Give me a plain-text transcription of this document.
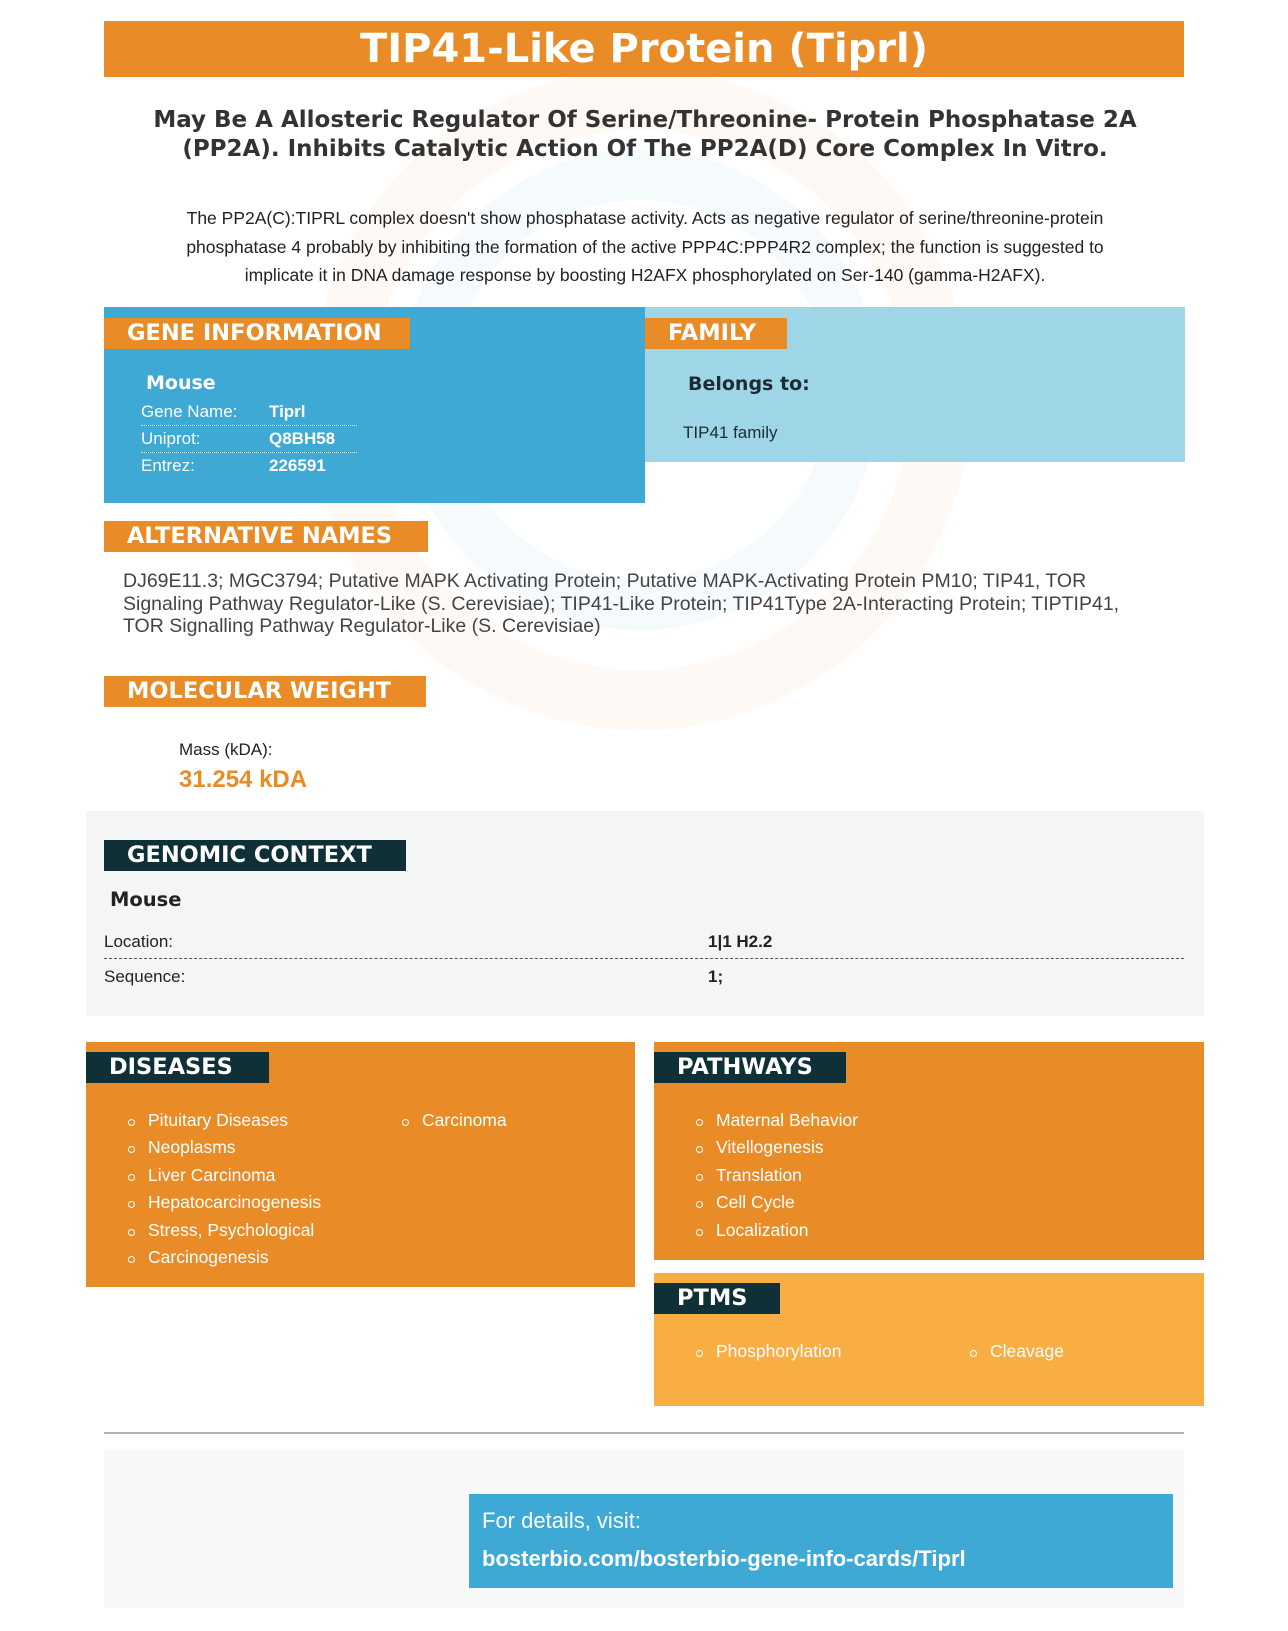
TIP41-Like Protein (Tiprl)
May Be A Allosteric Regulator Of Serine/Threonine- Protein Phosphatase 2A
(PP2A). Inhibits Catalytic Action Of The PP2A(D) Core Complex In Vitro.
The PP2A(C):TIPRL complex doesn't show phosphatase activity. Acts as negative regulator of serine/threonine-protein
phosphatase 4 probably by inhibiting the formation of the active PPP4C:PPP4R2 complex; the function is suggested to
implicate it in DNA damage response by boosting H2AFX phosphorylated on Ser-140 (gamma-H2AFX).
GENE INFORMATION
Mouse
Gene Name: Tiprl
Uniprot:	Q8BH58
Entrez:	226591
FAMILY
Belongs to:
TIP41 family
ALTERNATIVE NAMES
DJ69E11.3; MGC3794; Putative MAPK Activating Protein; Putative MAPK-Activating Protein PM10; TIP41, TOR
Signaling Pathway Regulator-Like (S. Cerevisiae); TIP41-Like Protein; TIP41Type 2A-Interacting Protein; TIPTIP41,
TOR Signalling Pathway Regulator-Like (S. Cerevisiae)
MOLECULAR WEIGHT
Mass (kDA):
31.254 kDA
GENOMIC CONTEXT
Mouse
Location:	1|1 H2.2
Sequence:	1;
DISEASES
Pituitary Diseases
Neoplasms
Liver Carcinoma
Hepatocarcinogenesis
Stress, Psychological
Carcinogenesis
Carcinoma
PATHWAYS
Maternal Behavior
Vitellogenesis
Translation
Cell Cycle
Localization
PTMS
Phosphorylation	Cleavage
For details, visit:
bosterbio.com/bosterbio-gene-info-cards/Tiprl
